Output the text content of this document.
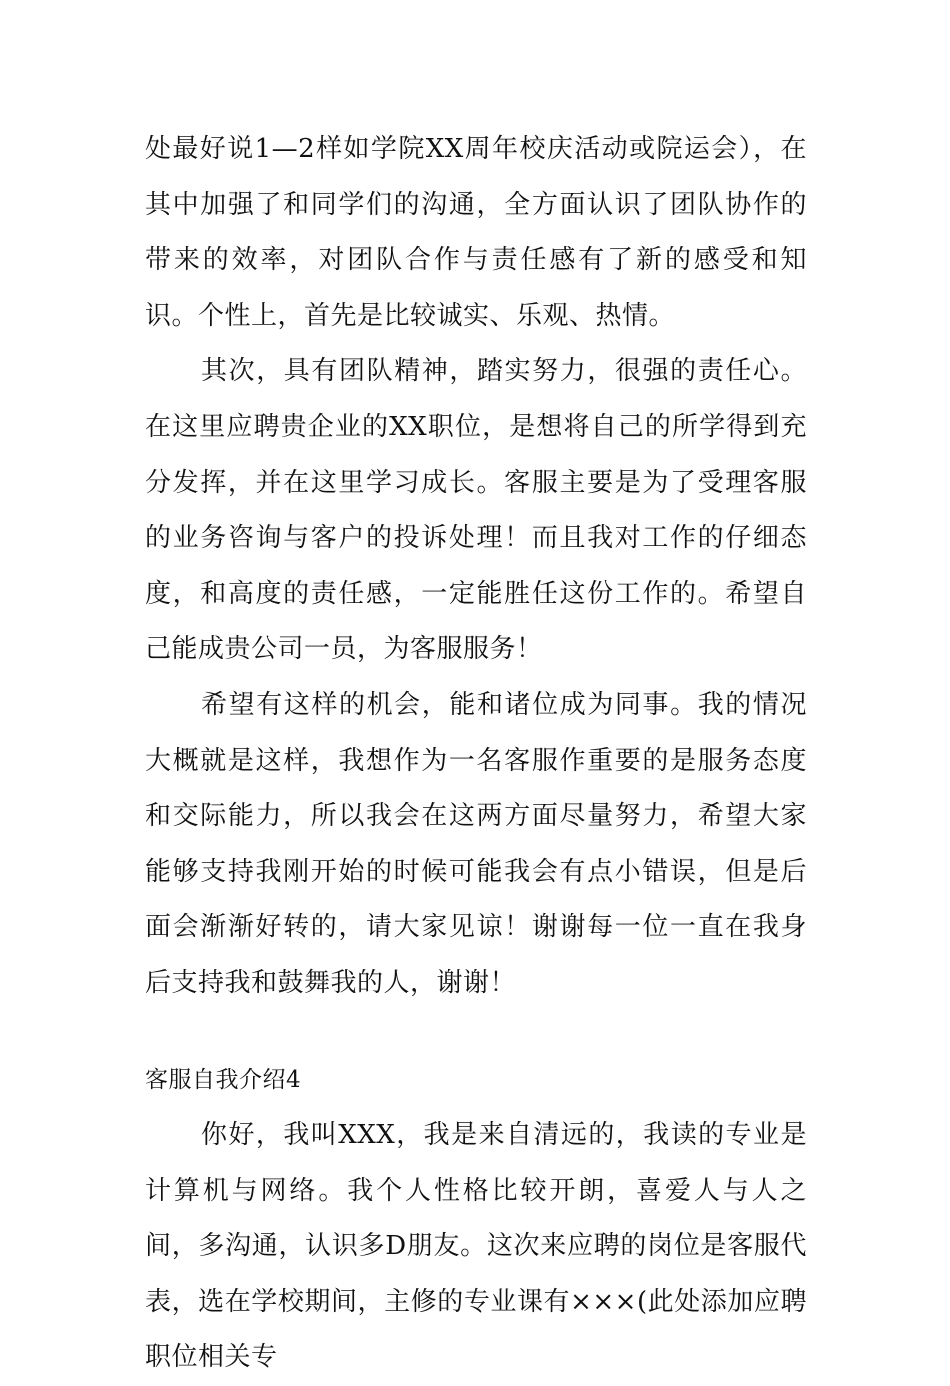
处最好说1—2样如学院XX周年校庆活动或院运会），在其中加强了和同学们的沟通，全方面认识了团队协作的带来的效率，对团队合作与责任感有了新的感受和知识。个性上，首先是比较诚实、乐观、热情。

其次，具有团队精神，踏实努力，很强的责任心。在这里应聘贵企业的XX职位，是想将自己的所学得到充分发挥，并在这里学习成长。客服主要是为了受理客服的业务咨询与客户的投诉处理！而且我对工作的仔细态度，和高度的责任感，一定能胜任这份工作的。希望自己能成贵公司一员，为客服服务！

希望有这样的机会，能和诸位成为同事。我的情况大概就是这样，我想作为一名客服作重要的是服务态度和交际能力，所以我会在这两方面尽量努力，希望大家能够支持我刚开始的时候可能我会有点小错误，但是后面会渐渐好转的，请大家见谅！谢谢每一位一直在我身后支持我和鼓舞我的人，谢谢！

客服自我介绍4

你好，我叫XXX，我是来自清远的，我读的专业是计算机与网络。我个人性格比较开朗，喜爱人与人之间，多沟通，认识多D朋友。这次来应聘的岗位是客服代表，选在学校期间，主修的专业课有×××(此处添加应聘职位相关专
